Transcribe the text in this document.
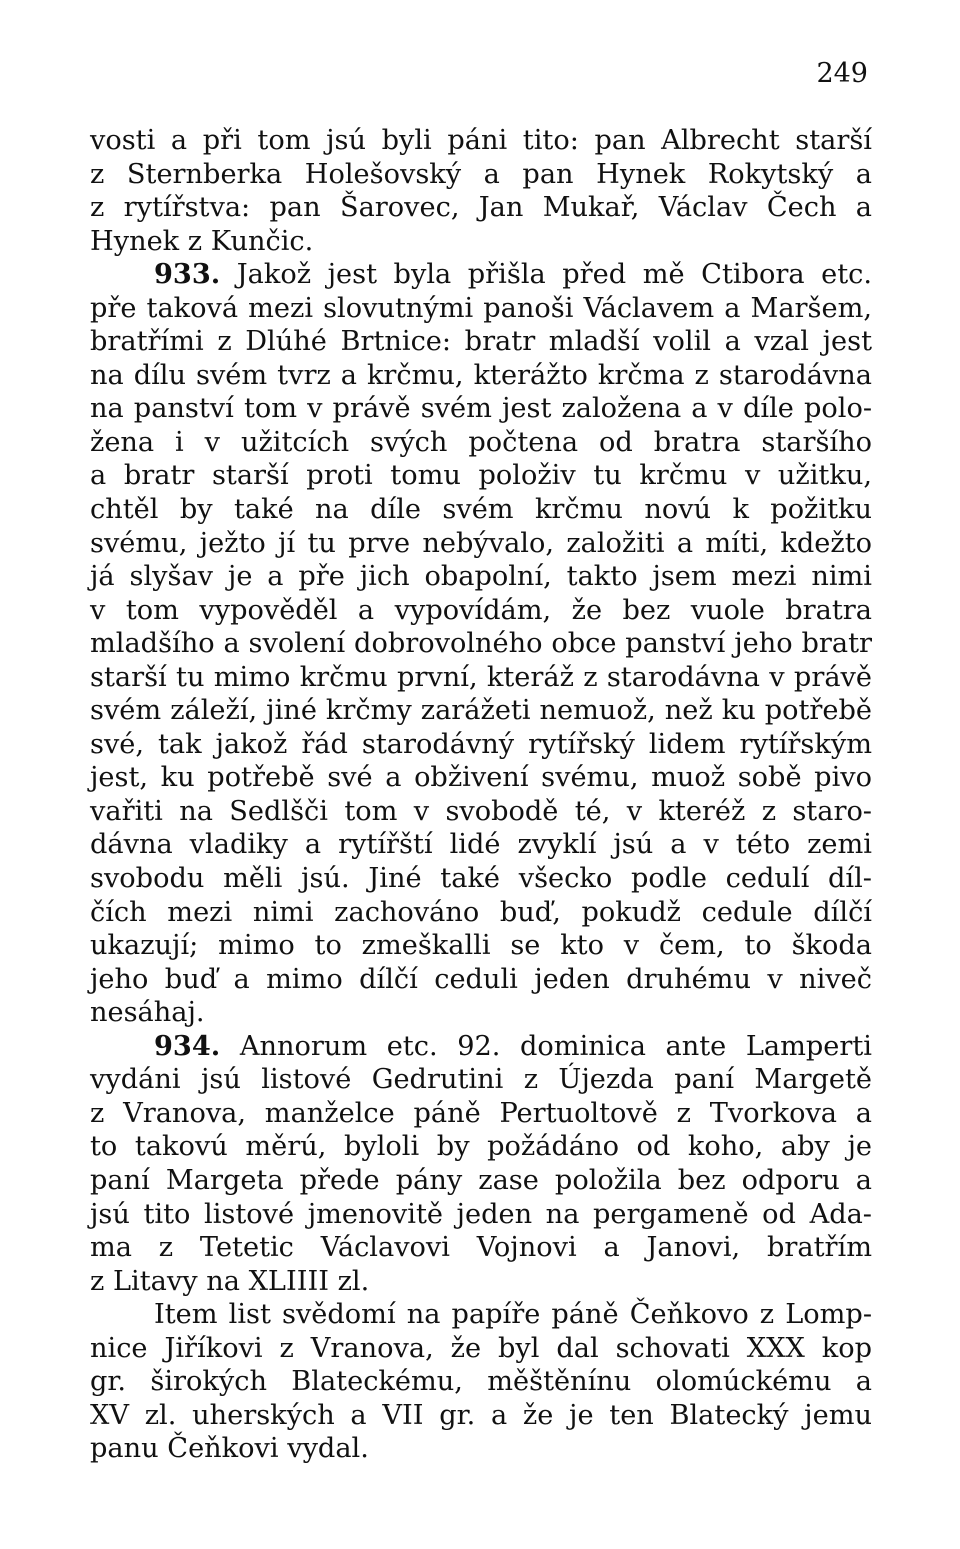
249
vosti a při tom jsú byli páni tito: pan Albrecht starší
z Sternberka Holešovský a pan Hynek Rokytský a
z rytířstva: pan Šarovec, Jan Mukař, Václav Čech a
Hynek z Kunčic.
933. Jakož jest byla přišla před mě Ctibora etc.
pře taková mezi slovutnými panoši Václavem a Maršem,
bratřími z Dlúhé Brtnice: bratr mladší volil a vzal jest
na dílu svém tvrz a krčmu, kterážto krčma z starodávna
na panství tom v právě svém jest založena a v díle polo-
žena i v užitcích svých počtena od bratra staršího
a bratr starší proti tomu položiv tu krčmu v užitku,
chtěl by také na díle svém krčmu novú k požitku
svému, ježto jí tu prve nebývalo, založiti a míti, kdežto
já slyšav je a pře jich obapolní, takto jsem mezi nimi
v tom vypověděl a vypovídám, že bez vuole bratra
mladšího a svolení dobrovolného obce panství jeho bratr
starší tu mimo krčmu první, kteráž z starodávna v právě
svém záleží, jiné krčmy zarážeti nemuož, než ku potřebě
své, tak jakož řád starodávný rytířský lidem rytířským
jest, ku potřebě své a obživení svému, muož sobě pivo
vařiti na Sedlšči tom v svobodě té, v kteréž z staro-
dávna vladiky a rytířští lidé zvyklí jsú a v této zemi
svobodu měli jsú. Jiné také všecko podle cedulí díl-
čích mezi nimi zachováno buď, pokudž cedule dílčí
ukazují; mimo to zmeškalli se kto v čem, to škoda
jeho buď a mimo dílčí ceduli jeden druhému v niveč
nesáhaj.
934. Annorum etc. 92. dominica ante Lamperti
vydáni jsú listové Gedrutini z Újezda paní Margetě
z Vranova, manželce páně Pertuoltově z Tvorkova a
to takovú měrú, byloli by požádáno od koho, aby je
paní Margeta přede pány zase položila bez odporu a
jsú tito listové jmenovitě jeden na pergameně od Ada-
ma z Tetetic Václavovi Vojnovi a Janovi, bratřím
z Litavy na XLIIII zl.
Item list svědomí na papíře páně Čeňkovo z Lomp-
nice Jiříkovi z Vranova, že byl dal schovati XXX kop
gr. širokých Blateckému, měštěnínu olomúckému a
XV zl. uherských a VII gr. a že je ten Blatecký jemu
panu Čeňkovi vydal.
